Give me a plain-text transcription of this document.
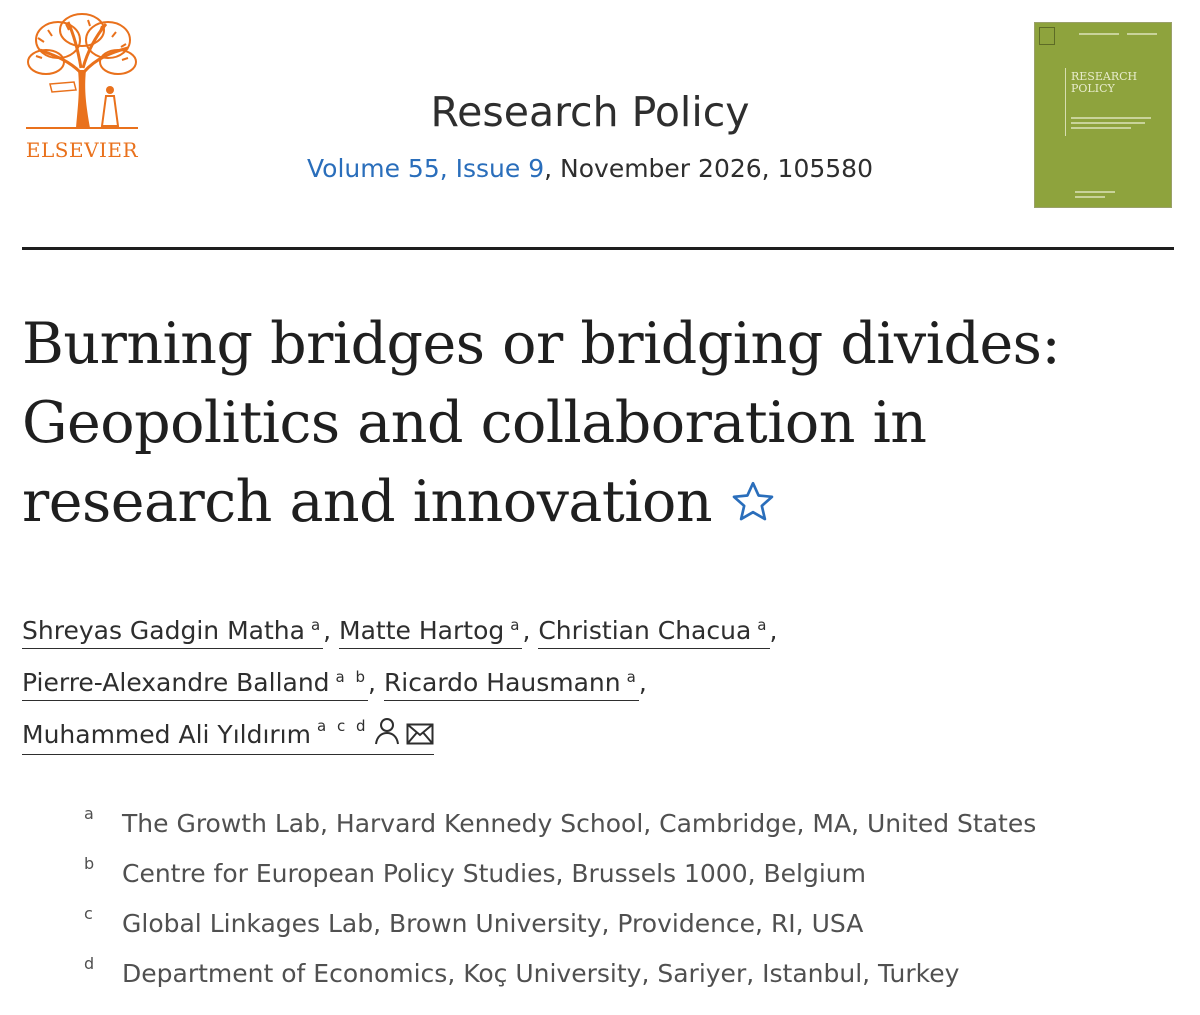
ELSEVIER
Research Policy
Volume 55, Issue 9, November 2026, 105580
RESEARCH
POLICY
Burning bridges or bridging divides:
Geopolitics and collaboration in
research and innovation
Shreyas Gadgin Matha $^a$, Matte Hartog $^a$, Christian Chacua $^a$,
Pierre-Alexandre Balland $^{a b}$, Ricardo Hausmann $^a$,
Muhammed Ali Yıldırım $^{a c d}$
a The Growth Lab, Harvard Kennedy School, Cambridge, MA, United States
b Centre for European Policy Studies, Brussels 1000, Belgium
c Global Linkages Lab, Brown University, Providence, RI, USA
d Department of Economics, Koç University, Sariyer, Istanbul, Turkey
